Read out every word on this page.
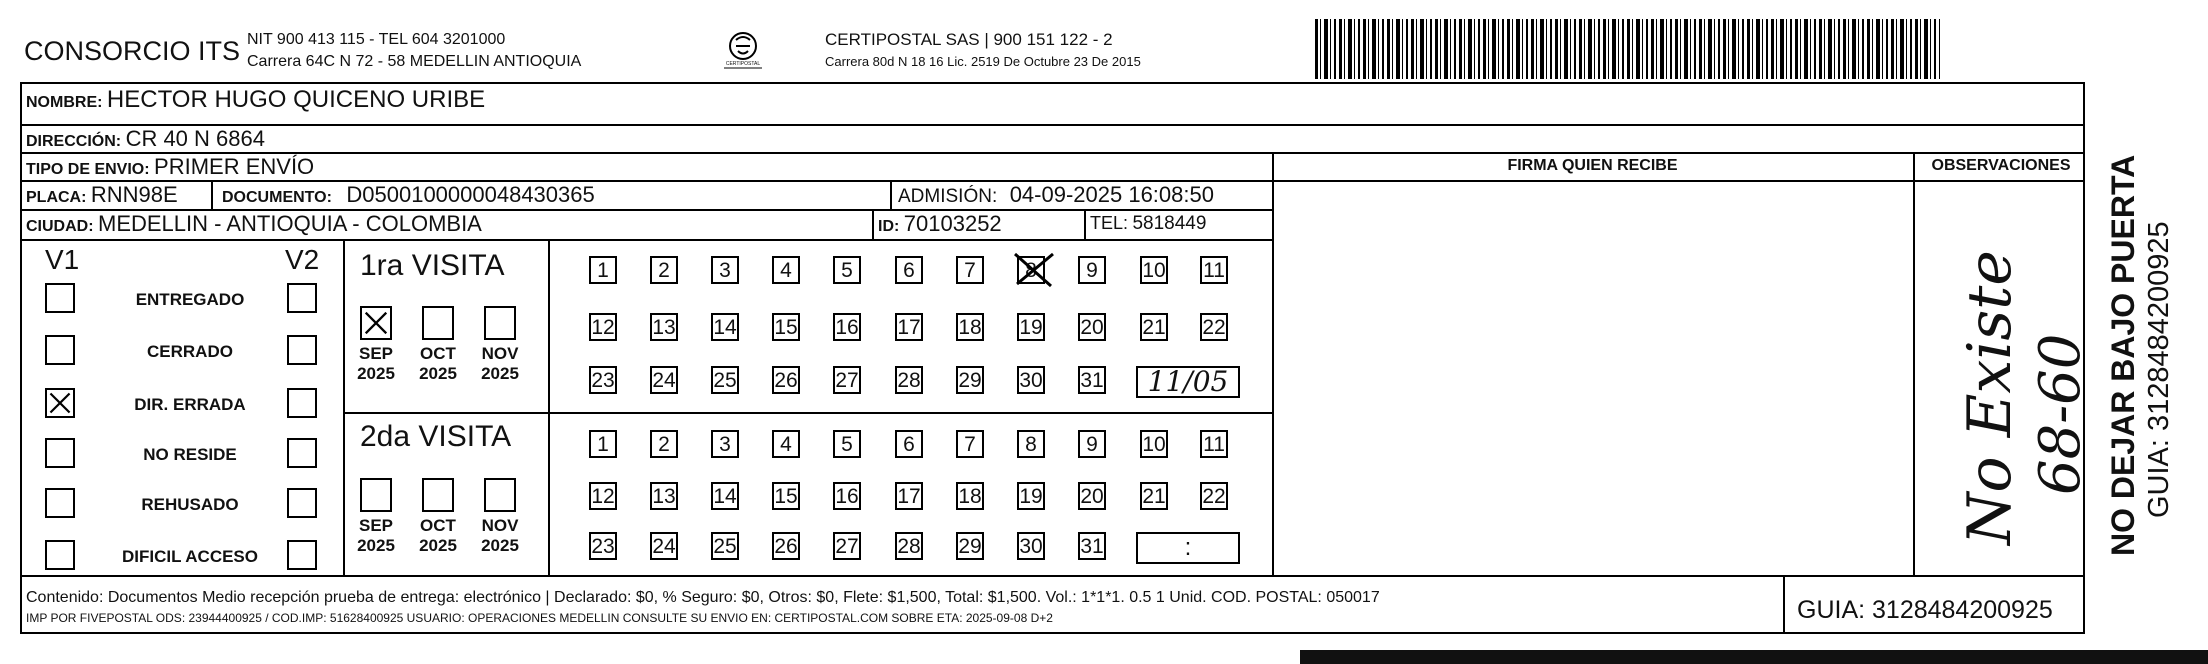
CONSORCIO ITS NIT 900 413 115 - TEL 604 3201000
Carrera 64C N 72 - 58 MEDELLIN ANTIOQUIA	CERTIPOSTAL
CERTIPOSTAL SAS | 900 151 122 - 2
Carrera 80d N 18 16 Lic. 2519 De Octubre 23 De 2015
NOMBRE: HECTOR HUGO QUICENO URIBE
DIRECCIÓN: CR 40 N 6864
TIPO DE ENVIO: PRIMER ENVÍO
PLACA: RNN98E	DOCUMENTO: D0500100000048430365	ADMISIÓN: 04-09-2025 16:08:50
CIUDAD: MEDELLIN - ANTIOQUIA - COLOMBIA	ID: 70103252	TEL: 5818449
FIRMA QUIEN RECIBE	OBSERVACIONES
V1	V2
ENTREGADO
CERRADO
DIR. ERRADA
NO RESIDE
REHUSADO
DIFICIL ACCESO
1ra VISITA
SEP
2025
OCT
2025
NOV
2025
1	2	3	4	5	6	7	8	9	10 11
12 13 14 15 16 17 18 19 20 21 22
23 24 25 26 27 28 29 30 31	11/05
2da VISITA
SEP
2025
OCT
2025
NOV
2025
1	2	3	4	5	6	7	8	9	10 11
12 13 14 15 16 17 18 19 20 21 22
23 24 25 26 27 28 29 30 31	:
No Existe 68-60
Contenido: Documentos Medio recepción prueba de entrega: electrónico | Declarado: $0, % Seguro: $0, Otros: $0, Flete: $1,500, Total: $1,500. Vol.: 1*1*1. 0.5 1 Unid. COD. POSTAL: 050017
IMP POR FIVEPOSTAL ODS: 23944400925 / COD.IMP: 51628400925 USUARIO: OPERACIONES MEDELLIN CONSULTE SU ENVIO EN: CERTIPOSTAL.COM SOBRE ETA: 2025-09-08 D+2	GUIA: 3128484200925
NO DEJAR BAJO PUERTA GUIA: 3128484200925
